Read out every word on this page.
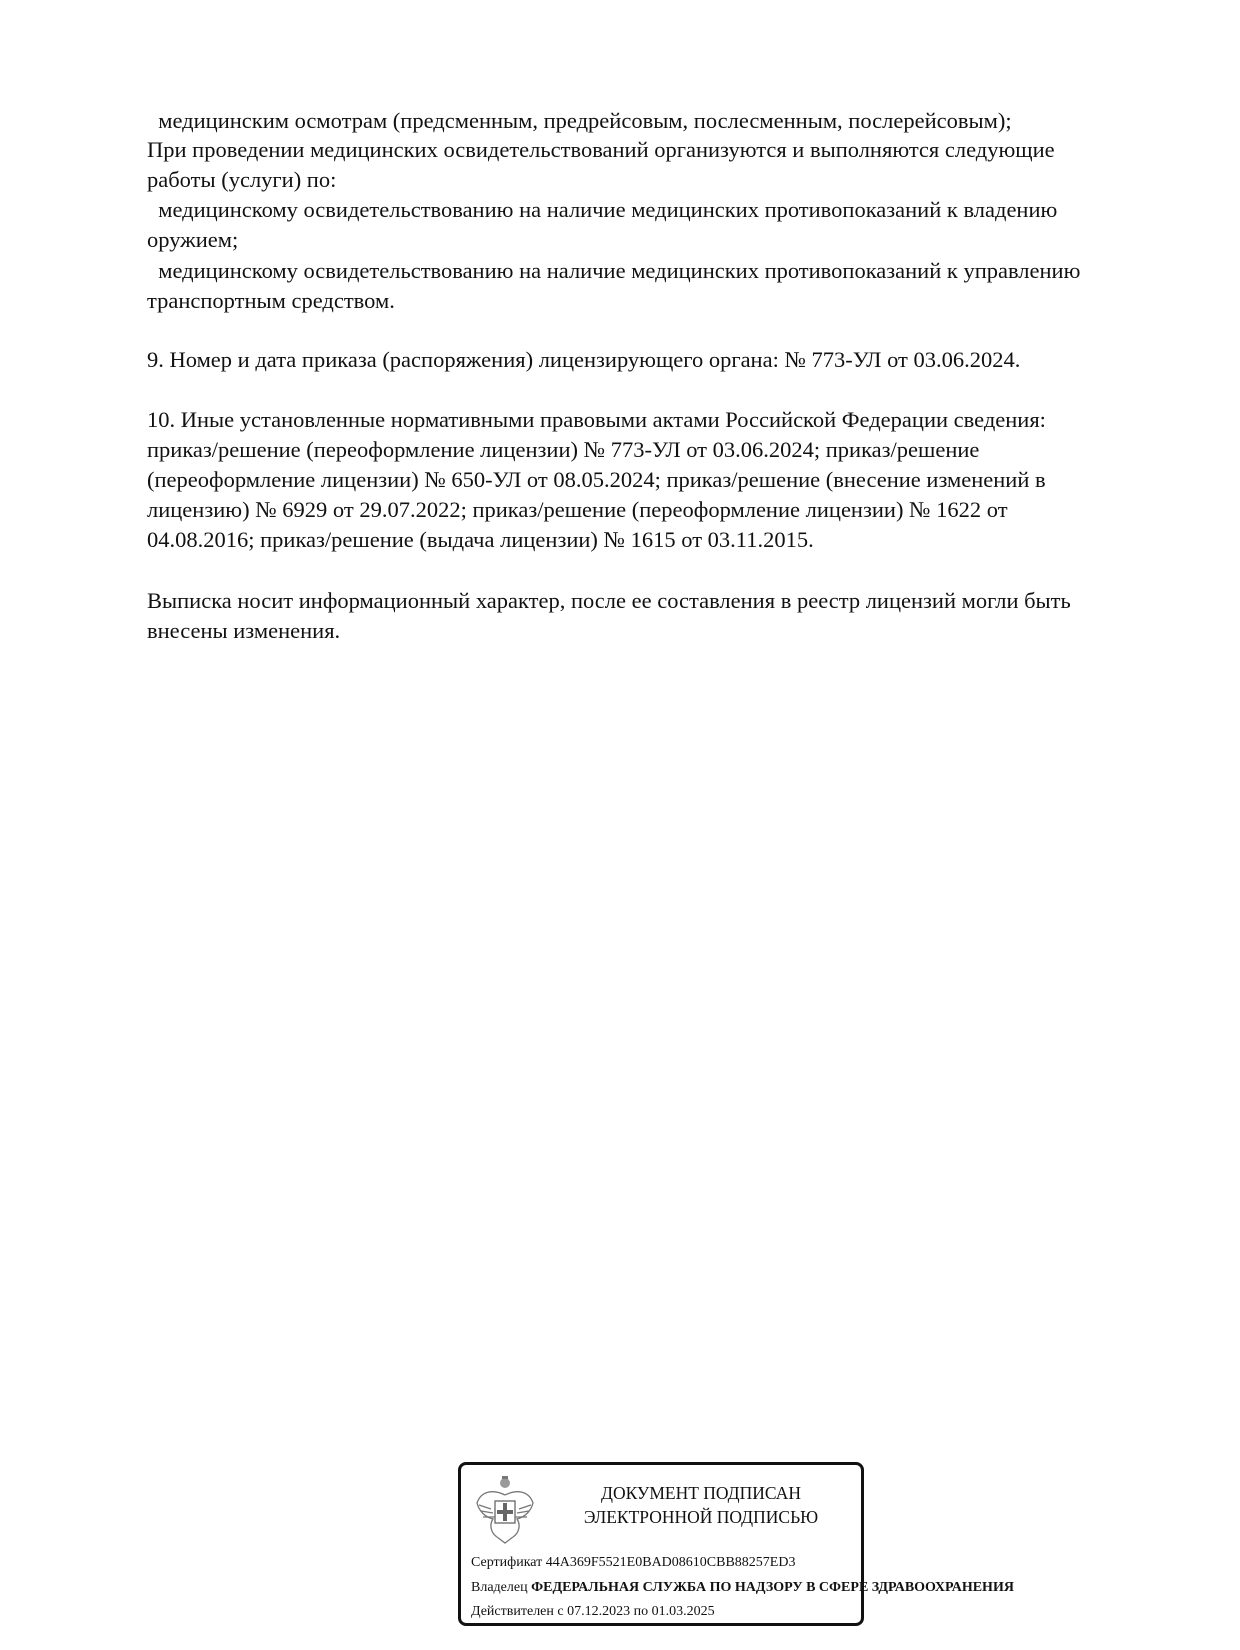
медицинским осмотрам (предсменным, предрейсовым, послесменным, послерейсовым);
При проведении медицинских освидетельствований организуются и выполняются следующие
работы (услуги) по:
медицинскому освидетельствованию на наличие медицинских противопоказаний к владению
оружием;
медицинскому освидетельствованию на наличие медицинских противопоказаний к управлению
транспортным средством.
9. Номер и дата приказа (распоряжения) лицензирующего органа: № 773-УЛ от 03.06.2024.
10. Иные установленные нормативными правовыми актами Российской Федерации сведения:
приказ/решение (переоформление лицензии) № 773-УЛ от 03.06.2024; приказ/решение
(переоформление лицензии) № 650-УЛ от 08.05.2024; приказ/решение (внесение изменений в
лицензию) № 6929 от 29.07.2022; приказ/решение (переоформление лицензии) № 1622 от
04.08.2016; приказ/решение (выдача лицензии) № 1615 от 03.11.2015.
Выписка носит информационный характер, после ее составления в реестр лицензий могли быть
внесены изменения.
ДОКУМЕНТ ПОДПИСАН
ЭЛЕКТРОННОЙ ПОДПИСЬЮ
Сертификат 44A369F5521E0BAD08610CBB88257ED3
Владелец ФЕДЕРАЛЬНАЯ СЛУЖБА ПО НАДЗОРУ В СФЕРЕ ЗДРАВООХРАНЕНИЯ
Действителен с 07.12.2023 по 01.03.2025
